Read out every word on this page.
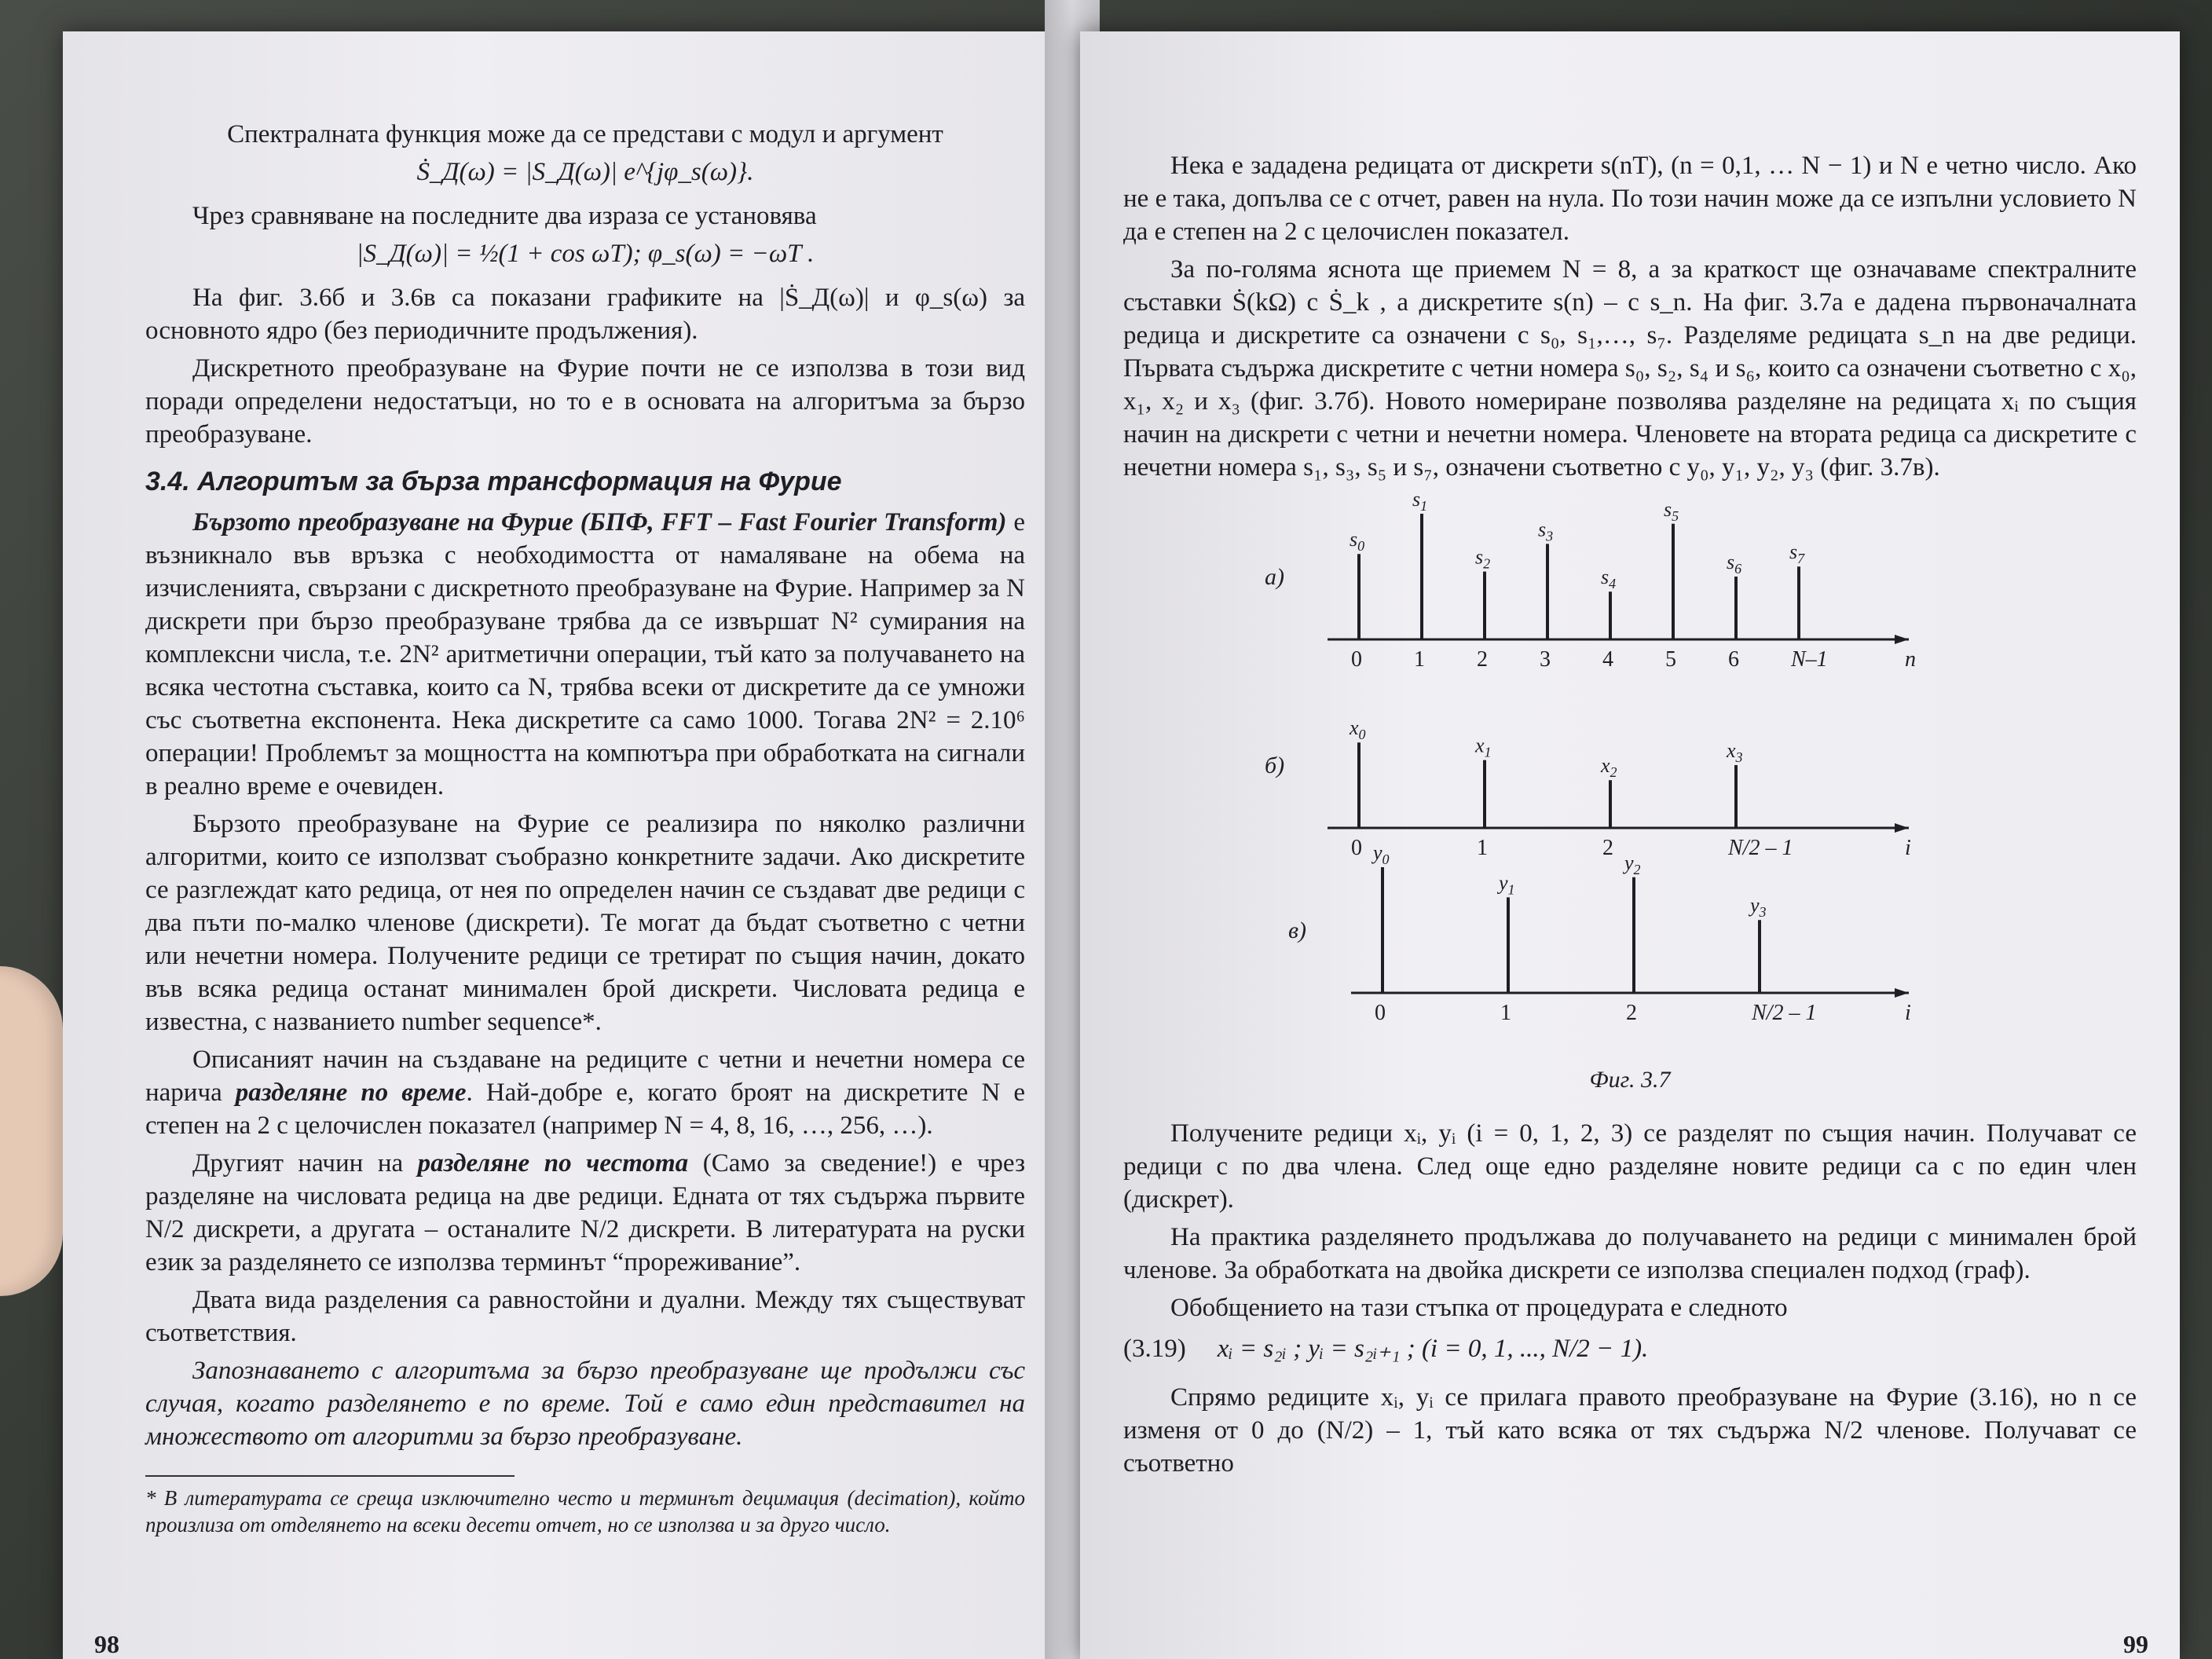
Спектралната функция може да се представи с модул и аргумент

Ṡ_Д(ω) = |S_Д(ω)| e^{jφ_s(ω)}.

Чрез сравняване на последните два израза се установява

|S_Д(ω)| = ½(1 + cos ωT); φ_s(ω) = −ωT .

На фиг. 3.6б и 3.6в са показани графиките на |Ṡ_Д(ω)| и φ_s(ω) за основното ядро (без периодичните продължения).

Дискретното преобразуване на Фурие почти не се използва в този вид поради определени недостатъци, но то е в основата на алгоритъма за бързо преобразуване.

3.4. Алгоритъм за бърза трансформация на Фурие

Бързото преобразуване на Фурие (БПФ, FFT – Fast Fourier Transform) е възникнало във връзка с необходимостта от намаляване на обема на изчисленията, свързани с дискретното преобразуване на Фурие. Например за N дискрети при бързо преобразуване трябва да се извършат N² сумирания на комплексни числа, т.е. 2N² аритметични операции, тъй като за получаването на всяка честотна съставка, които са N, трябва всеки от дискретите да се умножи със съответна експонента. Нека дискретите са само 1000. Тогава 2N² = 2.10⁶ операции! Проблемът за мощността на компютъра при обработката на сигнали в реално време е очевиден.

Бързото преобразуване на Фурие се реализира по няколко различни алгоритми, които се използват съобразно конкретните задачи. Ако дискретите се разглеждат като редица, от нея по определен начин се създават две редици с два пъти по-малко членове (дискрети). Те могат да бъдат съответно с четни или нечетни номера. Получените редици се третират по същия начин, докато във всяка редица останат минимален брой дискрети. Числовата редица е известна, с названието number sequence*.

Описаният начин на създаване на редиците с четни и нечетни номера се нарича разделяне по време. Най-добре е, когато броят на дискретите N е степен на 2 с целочислен показател (например N = 4, 8, 16, …, 256, …).

Другият начин на разделяне по честота (Само за сведение!) е чрез разделяне на числовата редица на две редици. Едната от тях съдържа първите N/2 дискрети, а другата – останалите N/2 дискрети. В литературата на руски език за разделянето се използва терминът “прореживание”.

Двата вида разделения са равностойни и дуални. Между тях съществуват съответствия.

Запознаването с алгоритъма за бързо преобразуване ще продължи със случая, когато разделянето е по време. Той е само един представител на множеството от алгоритми за бързо преобразуване.

* В литературата се среща изключително често и терминът децимация (decimation), който произлиза от отделянето на всеки десети отчет, но се използва и за друго число.

98

Нека е зададена редицата от дискрети s(nT), (n = 0,1, … N − 1) и N е четно число. Ако не е така, допълва се с отчет, равен на нула. По този начин може да се изпълни условието N да е степен на 2 с целочислен показател.

За по-голяма яснота ще приемем N = 8, а за краткост ще означаваме спектралните съставки Ṡ(kΩ) с Ṡ_k , а дискретите s(n) – с s_n. На фиг. 3.7а е дадена първоначалната редица и дискретите са означени с s₀, s₁,…, s₇. Разделяме редицата s_n на две редици. Първата съдържа дискретите с четни номера s₀, s₂, s₄ и s₆, които са означени съответно с x₀, x₁, x₂ и x₃ (фиг. 3.7б). Новото номериране позволява разделяне на редицата xᵢ по същия начин на дискрети с четни и нечетни номера. Членовете на втората редица са дискретите с нечетни номера s₁, s₃, s₅ и s₇, означени съответно с y₀, y₁, y₂, y₃ (фиг. 3.7в).

а)
n
$s_0$
0
$s_1$
1
$s_2$
2
$s_3$
3
$s_4$
4
$s_5$
5
$s_6$
6
$s_7$
N–1
б)
i
$x_0$
0
$x_1$
1
$x_2$
2
$x_3$
N/2 – 1
в)
i
$y_0$
0
$y_1$
1
$y_2$
2
$y_3$
N/2 – 1

Фиг. 3.7

Получените редици xᵢ, yᵢ (i = 0, 1, 2, 3) се разделят по същия начин. Получават се редици с по два члена. След още едно разделяне новите редици са с по един член (дискрет).

На практика разделянето продължава до получаването на редици с минимален брой членове. За обработката на двойка дискрети се използва специален подход (граф).

Обобщението на тази стъпка от процедурата е следното

(3.19) xᵢ = s₂ᵢ ; yᵢ = s₂ᵢ₊₁ ; (i = 0, 1, ..., N/2 − 1).

Спрямо редиците xᵢ, yᵢ се прилага правото преобразуване на Фурие (3.16), но n се изменя от 0 до (N/2) – 1, тъй като всяка от тях съдържа N/2 членове. Получават се съответно

99
